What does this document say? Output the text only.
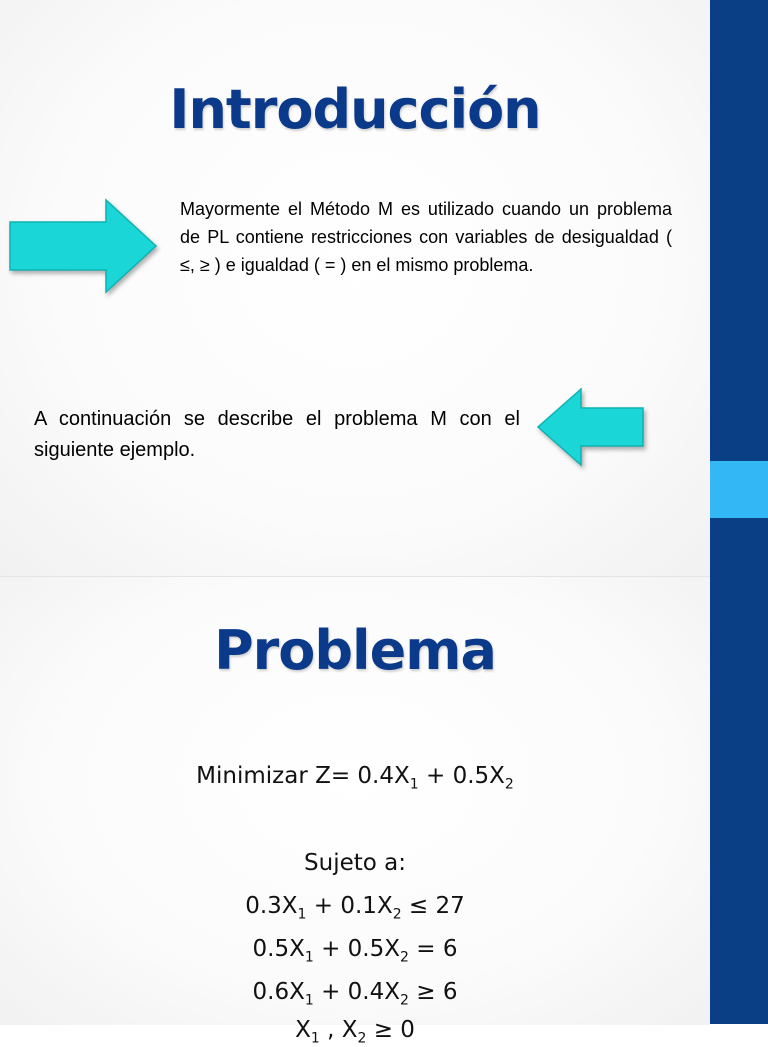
Introducción
Mayormente el Método M es utilizado cuando un problema de PL contiene restricciones con variables de desigualdad ( ≤, ≥ ) e igualdad ( = ) en el mismo problema.
A continuación se describe el problema M con el siguiente ejemplo.
Problema
Minimizar $Z= 0.4X_1 + 0.5X_2$
Sujeto a:
$0.3X_1 + 0.1X_2 \le 27$
$0.5X_1 + 0.5X_2 = 6$
$0.6X_1 + 0.4X_2 \ge 6$
$X_1$ , $X_2 \ge 0$
